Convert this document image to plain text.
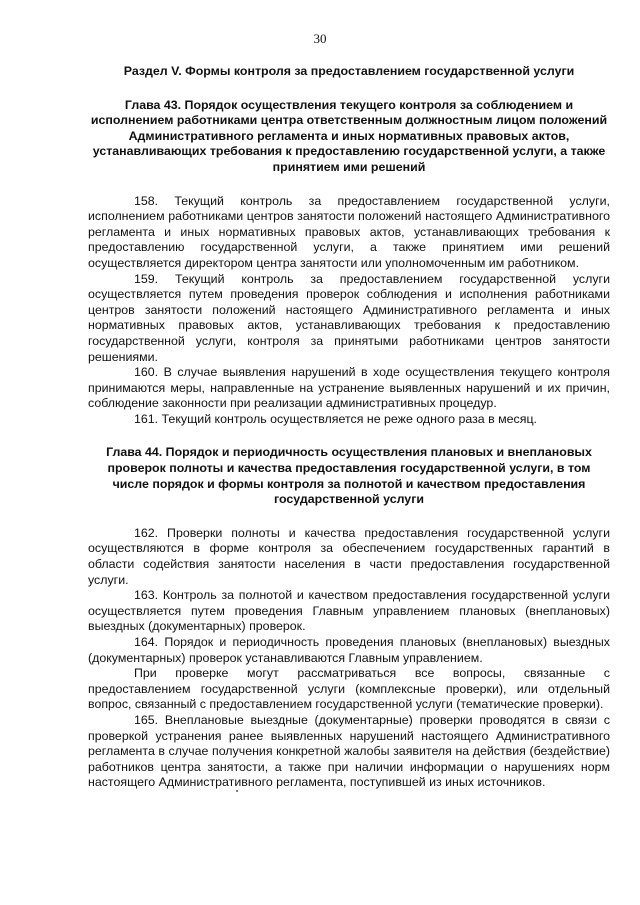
30

Раздел V. Формы контроля за предоставлением государственной услуги

Глава 43. Порядок осуществления текущего контроля за соблюдением и исполнением работниками центра ответственным должностным лицом положений Административного регламента и иных нормативных правовых актов, устанавливающих требования к предоставлению государственной услуги, а также принятием ими решений

158. Текущий контроль за предоставлением государственной услуги, исполнением работниками центров занятости положений настоящего Административного регламента и иных нормативных правовых актов, устанавливающих требования к предоставлению государственной услуги, а также принятием ими решений осуществляется директором центра занятости или уполномоченным им работником.

159. Текущий контроль за предоставлением государственной услуги осуществляется путем проведения проверок соблюдения и исполнения работниками центров занятости положений настоящего Административного регламента и иных нормативных правовых актов, устанавливающих требования к предоставлению государственной услуги, контроля за принятыми работниками центров занятости решениями.

160. В случае выявления нарушений в ходе осуществления текущего контроля принимаются меры, направленные на устранение выявленных нарушений и их причин, соблюдение законности при реализации административных процедур.

161. Текущий контроль осуществляется не реже одного раза в месяц.

Глава 44. Порядок и периодичность осуществления плановых и внеплановых проверок полноты и качества предоставления государственной услуги, в том числе порядок и формы контроля за полнотой и качеством предоставления государственной услуги

162. Проверки полноты и качества предоставления государственной услуги осуществляются в форме контроля за обеспечением государственных гарантий в области содействия занятости населения в части предоставления государственной услуги.

163. Контроль за полнотой и качеством предоставления государственной услуги осуществляется путем проведения Главным управлением плановых (внеплановых) выездных (документарных) проверок.

164. Порядок и периодичность проведения плановых (внеплановых) выездных (документарных) проверок устанавливаются Главным управлением.

При проверке могут рассматриваться все вопросы, связанные с предоставлением государственной услуги (комплексные проверки), или отдельный вопрос, связанный с предоставлением государственной услуги (тематические проверки).

165. Внеплановые выездные (документарные) проверки проводятся в связи с проверкой устранения ранее выявленных нарушений настоящего Административного регламента в случае получения конкретной жалобы заявителя на действия (бездействие) работников центра занятости, а также при наличии информации о нарушениях норм настоящего Административного регламента, поступившей из иных источников.
